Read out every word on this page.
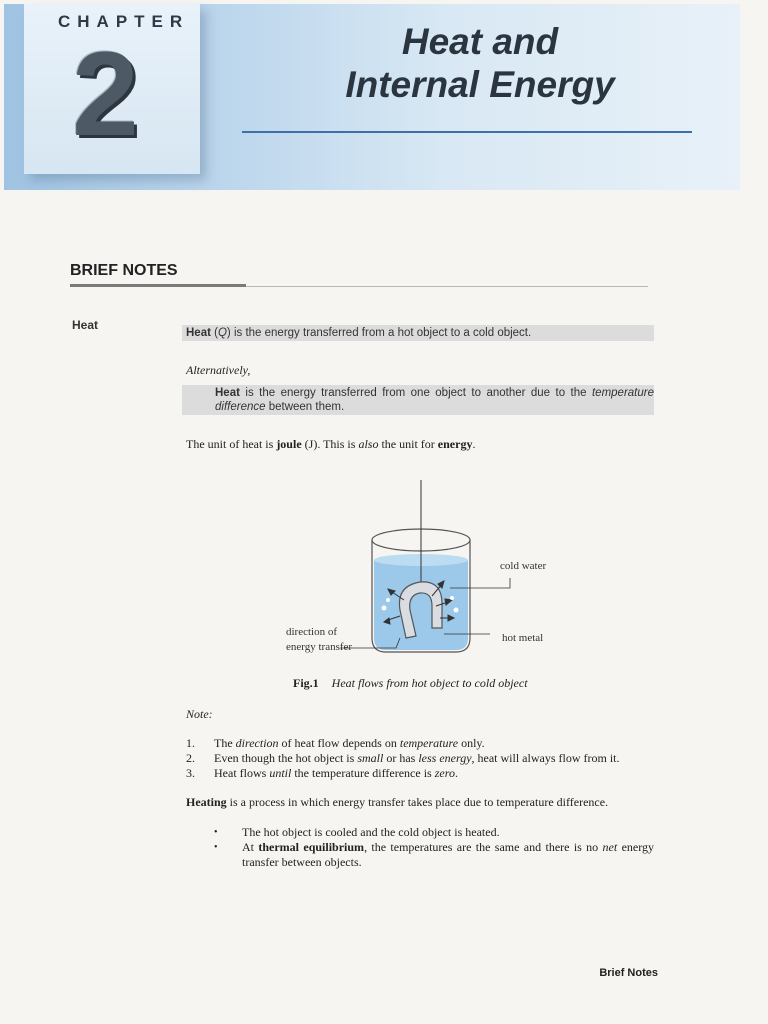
CHAPTER
2	Heat and
Internal Energy
BRIEF NOTES
Heat
Heat (Q) is the energy transferred from a hot object to a cold object.
Alternatively,
Heat is the energy transferred from one object to another due to the temperature difference between them.
The unit of heat is joule (J). This is also the unit for energy.
cold water
hot metal
direction of
energy transfer
Fig.1 Heat flows from hot object to cold object
Note:
1.	The direction of heat flow depends on temperature only.
2.	Even though the hot object is small or has less energy, heat will always flow from it.
3.	Heat flows until the temperature difference is zero.
Heating is a process in which energy transfer takes place due to temperature difference.
•	The hot object is cooled and the cold object is heated.
•	At thermal equilibrium, the temperatures are the same and there is no net energy transfer between objects.
Brief Notes
